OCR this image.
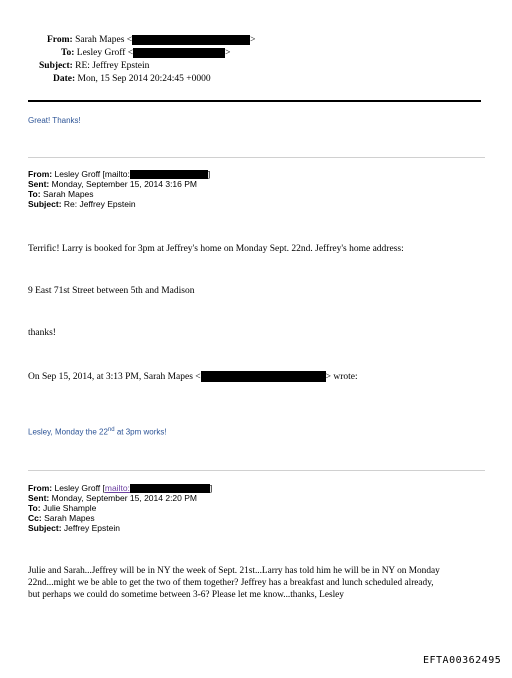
From: Sarah Mapes <	>
To: Lesley Groff <	>
Subject: RE: Jeffrey Epstein
Date: Mon, 15 Sep 2014 20:24:45 +0000
Great! Thanks!
From: Lesley Groff [mailto:	]
Sent: Monday, September 15, 2014 3:16 PM
To: Sarah Mapes
Subject: Re: Jeffrey Epstein
Terrific! Larry is booked for 3pm at Jeffrey's home on Monday Sept. 22nd. Jeffrey's home address:
9 East 71st Street between 5th and Madison
thanks!
On Sep 15, 2014, at 3:13 PM, Sarah Mapes <	> wrote:
Lesley, Monday the 22nd at 3pm works!
From: Lesley Groff [mailto:	]
Sent: Monday, September 15, 2014 2:20 PM
To: Julie Shample
Cc: Sarah Mapes
Subject: Jeffrey Epstein
Julie and Sarah...Jeffrey will be in NY the week of Sept. 21st...Larry has told him he will be in NY on Monday
22nd...might we be able to get the two of them together? Jeffrey has a breakfast and lunch scheduled already,
but perhaps we could do sometime between 3-6? Please let me know...thanks, Lesley
EFTA00362495
